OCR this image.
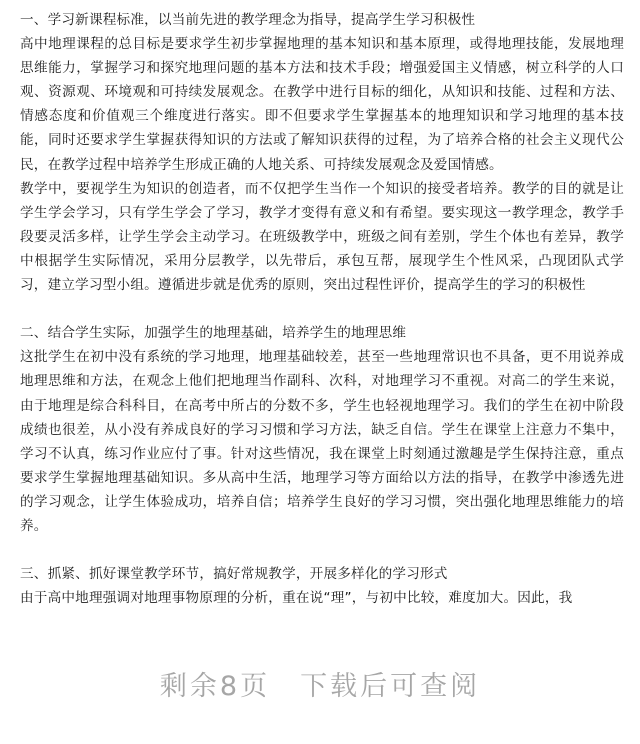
一、学习新课程标准，以当前先进的教学理念为指导，提高学生学习积极性

高中地理课程的总目标是要求学生初步掌握地理的基本知识和基本原理，或得地理技能，发展地理思维能力，掌握学习和探究地理问题的基本方法和技术手段；增强爱国主义情感，树立科学的人口观、资源观、环境观和可持续发展观念。在教学中进行目标的细化，从知识和技能、过程和方法、情感态度和价值观三个维度进行落实。即不但要求学生掌握基本的地理知识和学习地理的基本技能，同时还要求学生掌握获得知识的方法或了解知识获得的过程，为了培养合格的社会主义现代公民，在教学过程中培养学生形成正确的人地关系、可持续发展观念及爱国情感。

教学中，要视学生为知识的创造者，而不仅把学生当作一个知识的接受者培养。教学的目的就是让学生学会学习，只有学生学会了学习，教学才变得有意义和有希望。要实现这一教学理念，教学手段要灵活多样，让学生学会主动学习。在班级教学中，班级之间有差别，学生个体也有差异，教学中根据学生实际情况，采用分层教学，以先带后，承包互帮，展现学生个性风采，凸现团队式学习，建立学习型小组。遵循进步就是优秀的原则，突出过程性评价，提高学生的学习的积极性

二、结合学生实际，加强学生的地理基础，培养学生的地理思维

这批学生在初中没有系统的学习地理，地理基础较差，甚至一些地理常识也不具备，更不用说养成地理思维和方法，在观念上他们把地理当作副科、次科，对地理学习不重视。对高二的学生来说，由于地理是综合科科目，在高考中所占的分数不多，学生也轻视地理学习。我们的学生在初中阶段成绩也很差，从小没有养成良好的学习习惯和学习方法，缺乏自信。学生在课堂上注意力不集中，学习不认真，练习作业应付了事。针对这些情况，我在课堂上时刻通过激趣是学生保持注意，重点要求学生掌握地理基础知识。多从高中生活，地理学习等方面给以方法的指导，在教学中渗透先进的学习观念，让学生体验成功，培养自信；培养学生良好的学习习惯，突出强化地理思维能力的培养。

三、抓紧、抓好课堂教学环节，搞好常规教学，开展多样化的学习形式

由于高中地理强调对地理事物原理的分析，重在说“理”，与初中比较，难度加大。因此，我

剩余8页　下载后可查阅
